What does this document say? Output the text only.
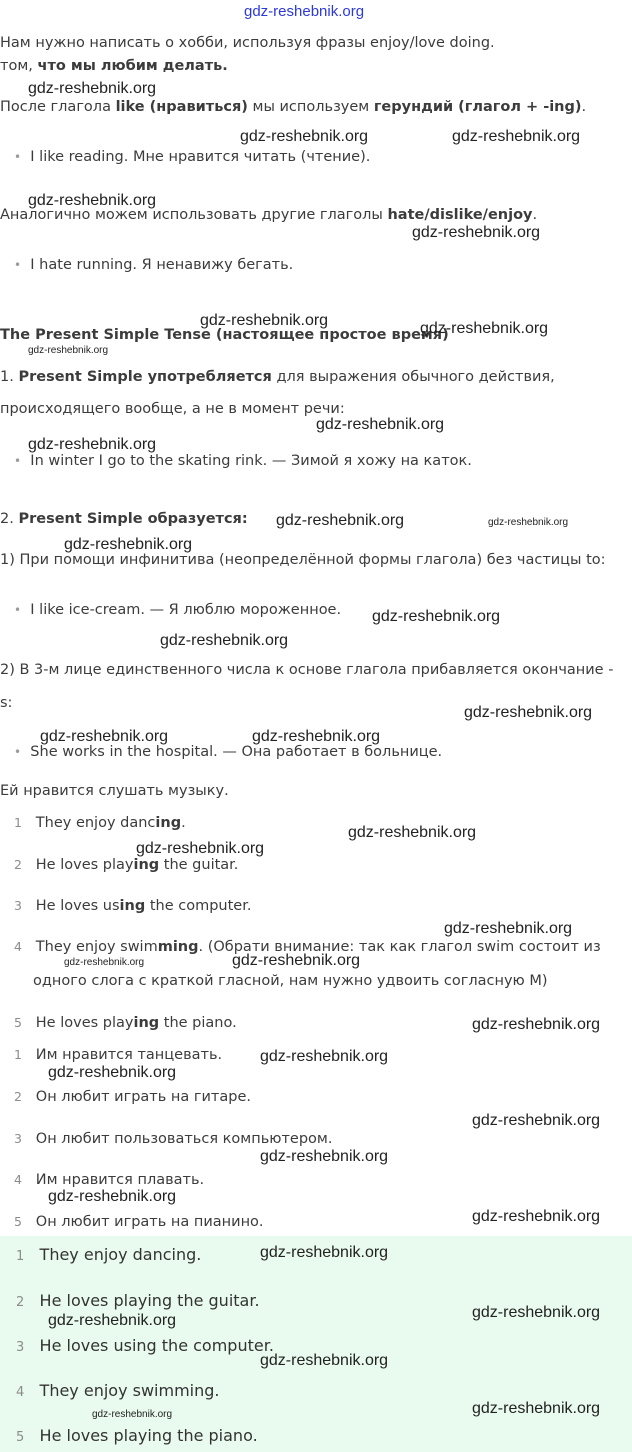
gdz-reshebnik.org
Нам нужно написать о хобби, используя фразы enjoy/love doing.
том, что мы любим делать.
gdz-reshebnik.org
После глагола like (нравиться) мы используем герундий (глагол + -ing).
gdz-reshebnik.org	gdz-reshebnik.org
• I like reading. Мне нравится читать (чтение).
gdz-reshebnik.org
Аналогично можем использовать другие глаголы hate/dislike/enjoy.
gdz-reshebnik.org
• I hate running. Я ненавижу бегать.
gdz-reshebnik.org
The Present Simple Tense (настоящее простое время)
gdz-reshebnik.org
gdz-reshebnik.org
1. Present Simple употребляется для выражения обычного действия,
происходящего вообще, а не в момент речи:
gdz-reshebnik.org
gdz-reshebnik.org
• In winter I go to the skating rink. — Зимой я хожу на каток.
2. Present Simple образуется: gdz-reshebnik.org	gdz-reshebnik.org
gdz-reshebnik.org
1) При помощи инфинитива (неопределённой формы глагола) без частицы to:
• I like ice-cream. — Я люблю мороженное. gdz-reshebnik.org
gdz-reshebnik.org
2) В 3-м лице единственного числа к основе глагола прибавляется окончание -
s:
gdz-reshebnik.org
gdz-reshebnik.org	gdz-reshebnik.org
• She works in the hospital. — Она работает в больнице.
Ей нравится слушать музыку.
1 They enjoy dancing.
gdz-reshebnik.org
gdz-reshebnik.org
2 He loves playing the guitar.
3 He loves using the computer.
gdz-reshebnik.org
4 They enjoy swimming. (Обрати внимание: так как глагол swim состоит из
gdz-reshebnik.org	gdz-reshebnik.org
одного слога с краткой гласной, нам нужно удвоить согласную M)
5 He loves playing the piano.	gdz-reshebnik.org
1 Им нравится танцевать. gdz-reshebnik.org
gdz-reshebnik.org
2 Он любит играть на гитаре.
gdz-reshebnik.org
3 Он любит пользоваться компьютером.
gdz-reshebnik.org
4 Им нравится плавать.
gdz-reshebnik.org
gdz-reshebnik.org
5 Он любит играть на пианино.
1 They enjoy dancing.	gdz-reshebnik.org
2 He loves playing the guitar.
gdz-reshebnik.org
gdz-reshebnik.org
3 He loves using the computer.
gdz-reshebnik.org
4 They enjoy swimming.
gdz-reshebnik.org
gdz-reshebnik.org
5 He loves playing the piano.
